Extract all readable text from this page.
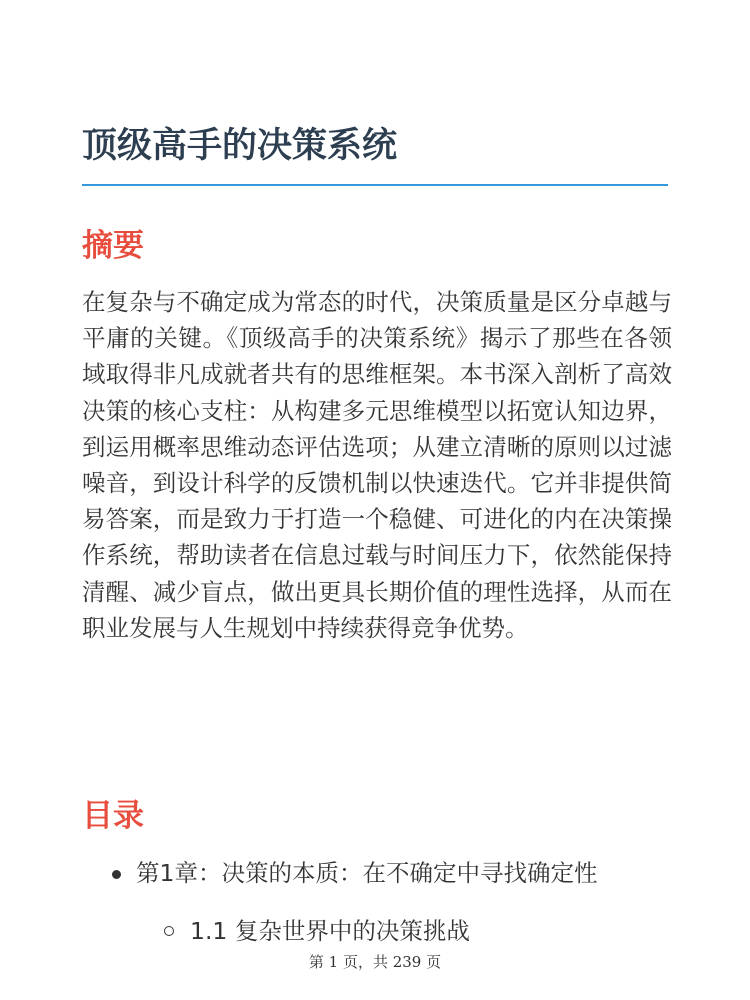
顶级高手的决策系统
摘要

在复杂与不确定成为常态的时代，决策质量是区分卓越与平庸的关键。《顶级高手的决策系统》揭示了那些在各领域取得非凡成就者共有的思维框架。本书深入剖析了高效决策的核心支柱：从构建多元思维模型以拓宽认知边界，到运用概率思维动态评估选项；从建立清晰的原则以过滤噪音，到设计科学的反馈机制以快速迭代。它并非提供简易答案，而是致力于打造一个稳健、可进化的内在决策操作系统，帮助读者在信息过载与时间压力下，依然能保持清醒、减少盲点，做出更具长期价值的理性选择，从而在职业发展与人生规划中持续获得竞争优势。

目录
第1章：决策的本质：在不确定中寻找确定性
1.1 复杂世界中的决策挑战
第 1 页，共 239 页
